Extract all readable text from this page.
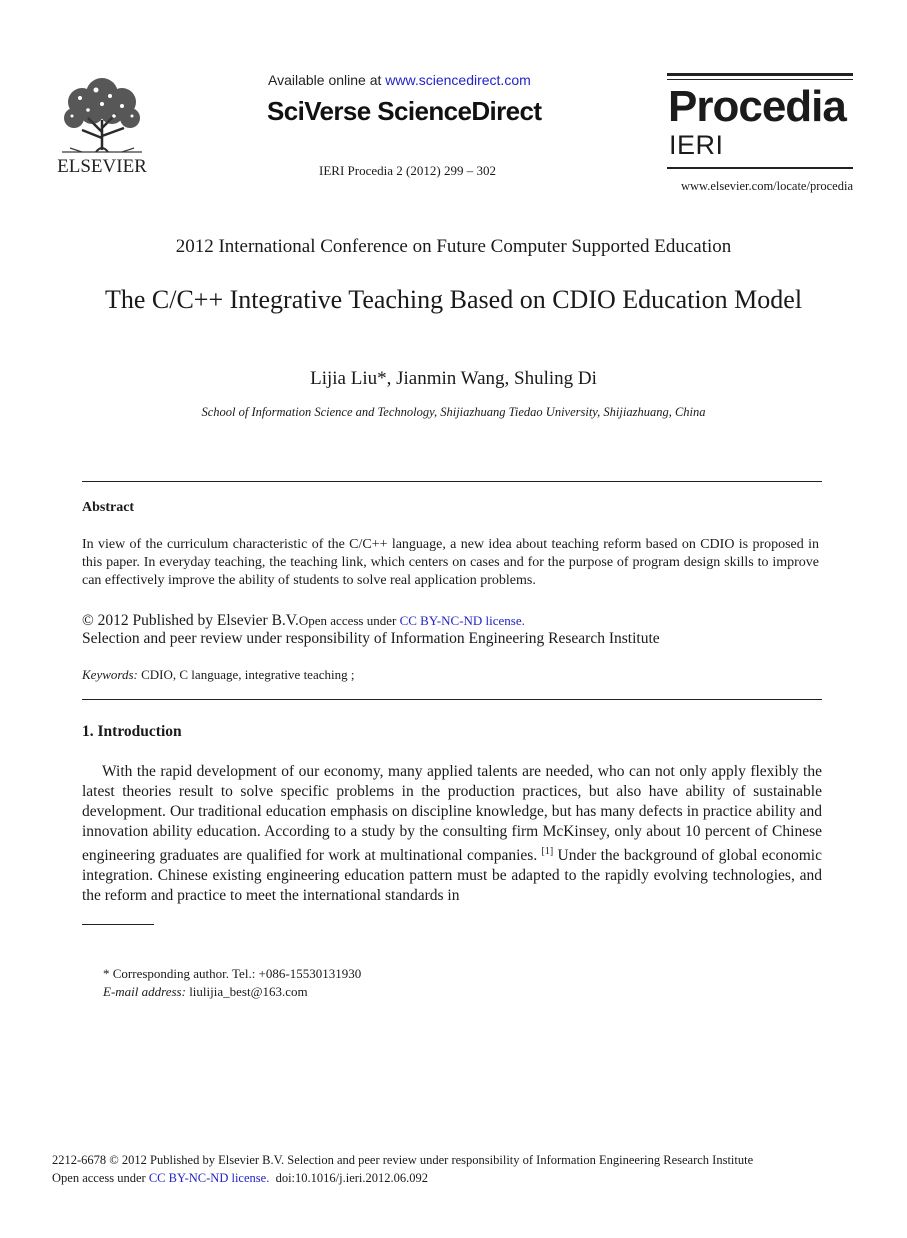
ELSEVIER
Available online at www.sciencedirect.com
SciVerse ScienceDirect
IERI Procedia 2 (2012) 299 – 302
Procedia
IERI
www.elsevier.com/locate/procedia
2012 International Conference on Future Computer Supported Education
The C/C++ Integrative Teaching Based on CDIO Education Model
Lijia Liu*, Jianmin Wang, Shuling Di
School of Information Science and Technology, Shijiazhuang Tiedao University, Shijiazhuang, China
Abstract
In view of the curriculum characteristic of the C/C++ language, a new idea about teaching reform based on CDIO is proposed in this paper. In everyday teaching, the teaching link, which centers on cases and for the purpose of program design skills to improve can effectively improve the ability of students to solve real application problems.
© 2012 Published by Elsevier B.V.Open access under CC BY-NC-ND license.
Selection and peer review under responsibility of Information Engineering Research Institute
Keywords: CDIO, C language, integrative teaching ;
1. Introduction
With the rapid development of our economy, many applied talents are needed, who can not only apply flexibly the latest theories result to solve specific problems in the production practices, but also have ability of sustainable development. Our traditional education emphasis on discipline knowledge, but has many defects in practice ability and innovation ability education. According to a study by the consulting firm McKinsey, only about 10 percent of Chinese engineering graduates are qualified for work at multinational companies. [1] Under the background of global economic integration. Chinese existing engineering education pattern must be adapted to the rapidly evolving technologies, and the reform and practice to meet the international standards in
* Corresponding author. Tel.: +086-15530131930
E-mail address: liulijia_best@163.com
2212-6678 © 2012 Published by Elsevier B.V. Selection and peer review under responsibility of Information Engineering Research Institute
Open access under CC BY-NC-ND license.  doi:10.1016/j.ieri.2012.06.092
